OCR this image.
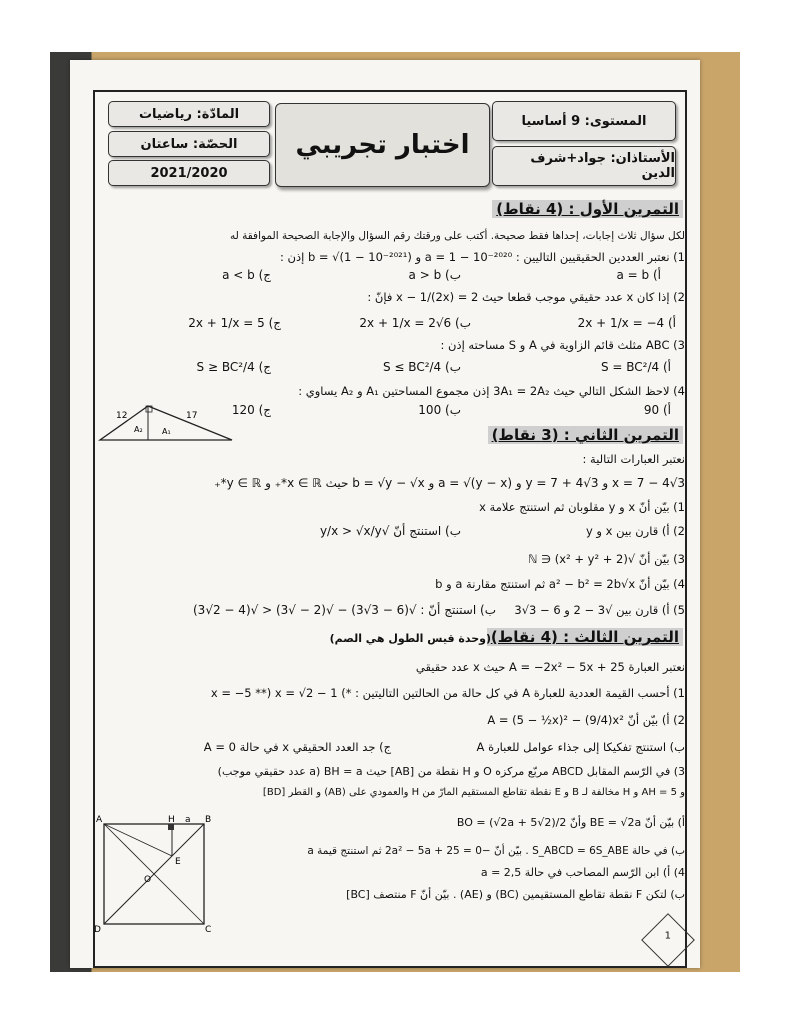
المادّة: رياضيات
الحصّة: ساعتان
2021/2020
اختبار تجريبي
المستوى: 9 أساسيا
الأستاذان: جواد+شرف الدين
التمرين الأول : (4 نقاط)
لكل سؤال ثلاث إجابات، إحداها فقط صحيحة. أكتب على ورقتك رقم السؤال والإجابة الصحيحة الموافقة له
1) نعتبر العددين الحقيقيين التاليين : a = 1 − 10⁻²⁰²⁰ و b = √(1 − 10⁻²⁰²¹) إذن :
أ) a = b
ب) a > b
ج) a < b
2) إذا كان x عدد حقيقي موجب قطعا حيث x − 1/(2x) = 2 فإنّ :
أ) 2x + 1/x = −4
ب) 2x + 1/x = 2√6
ج) 2x + 1/x = 5
3) ABC مثلث قائم الزاوية في A و S مساحته إذن :
أ) S = BC²/4
ب) S ≤ BC²/4
ج) S ≥ BC²/4
4) لاحظ الشكل التالي حيث 3A₁ = 2A₂ إذن مجموع المساحتين A₁ و A₂ يساوي :
أ) 90
ب) 100
ج) 120
12	17
A₂ A₁	التمرين الثاني : (3 نقاط)
نعتبر العبارات التالية :
x = 7 − 4√3 و y = 7 + 4√3 و a = √(y − x) و b = √y − √x حيث x ∈ ℝ*₊ و y ∈ ℝ*₊
1) بيّن أنّ x و y مقلوبان ثم استنتج علامة x
2) أ) قارن بين x و y
ب) استنتج أنّ √y/x > √x/y
3) بيّن أنّ √(x² + y² + 2) ∈ ℕ
4) بيّن أنّ a² − b² = 2b√x ثم استنتج مقارنة a و b
5) أ) قارن بين √3 − 2 و 6 − 3√3
ب) استنتج أنّ : √(6 − 3√3) − √(2 − √3) < √(4 − 2√3)
التمرين الثالث : (4 نقاط)
(وحدة قيس الطول هي الصم)
نعتبر العبارة A = −2x² − 5x + 25 حيث x عدد حقيقي
1) أحسب القيمة العددية للعبارة A في كل حالة من الحالتين التاليتين : *) x = −5 **) x = √2 − 1
2) أ) بيّن أنّ A = (5 − ½x)² − (9/4)x²
ب) استنتج تفكيكا إلى جذاء عوامل للعبارة A
ج) جد العدد الحقيقي x في حالة A = 0
3) في الرّسم المقابل ABCD مربّع مركزه O و H نقطة من [AB] حيث BH = a (a عدد حقيقي موجب)
و AH = 5 و H مخالفة لـ B و E نقطة تقاطع المستقيم المارّ من H والعمودي على (AB) و القطر [BD]
أ) بيّن أنّ BE = √2a وأنّ BO = (√2a + 5√2)/2
ب) في حالة S_ABCD = 6S_ABE . بيّن أنّ −2a² − 5a + 25 = 0 ثم استنتج قيمة a
4) أ) ابن الرّسم المصاحب في حالة a = 2,5
ب) لتكن F نقطة تقاطع المستقيمين (BC) و (AE) . بيّن أنّ F منتصف [BC]
A	H a B
C
D
O
E
1
